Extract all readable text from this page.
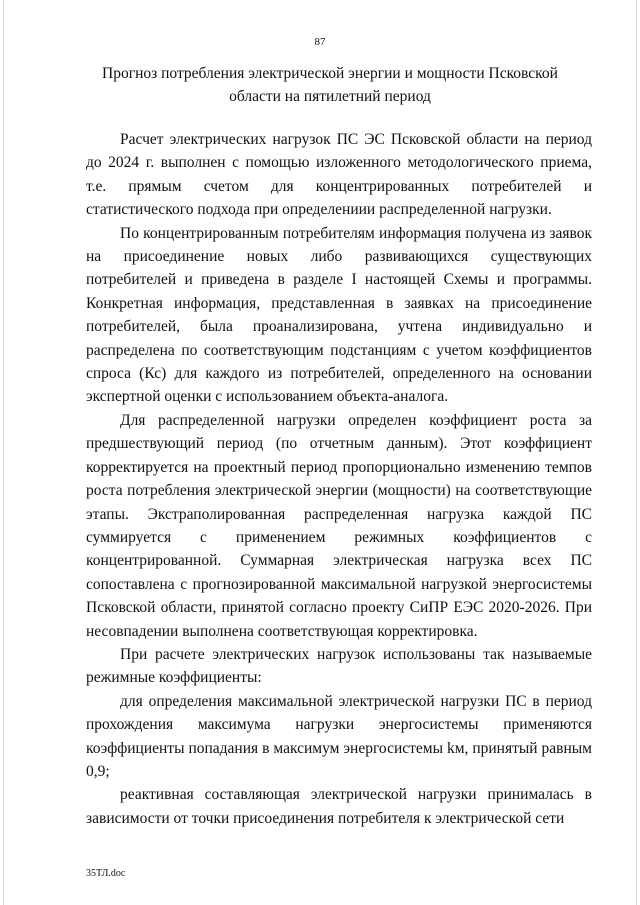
87
Прогноз потребления электрической энергии и мощности Псковской
области на пятилетний период

Расчет электрических нагрузок ПС ЭС Псковской области на период до 2024 г. выполнен с помощью изложенного методологического приема, т.е. прямым счетом для концентрированных потребителей и статистического подхода при определениии распределенной нагрузки.

По концентрированным потребителям информация получена из заявок на присоединение новых либо развивающихся существующих потребителей и приведена в разделе I настоящей Схемы и программы. Конкретная информация, представленная в заявках на присоединение потребителей, была проанализирована, учтена индивидуально и распределена по соответствующим подстанциям с учетом коэффициентов спроса (Кс) для каждого из потребителей, определенного на основании экспертной оценки с использованием объекта-аналога.

Для распределенной нагрузки определен коэффициент роста за предшествующий период (по отчетным данным). Этот коэффициент корректируется на проектный период пропорционально изменению темпов роста потребления электрической энергии (мощности) на соответствующие этапы. Экстраполированная распределенная нагрузка каждой ПС суммируется с применением режимных коэффициентов с концентрированной. Суммарная электрическая нагрузка всех ПС сопоставлена с прогнозированной максимальной нагрузкой энергосистемы Псковской области, принятой согласно проекту СиПР ЕЭС 2020-2026. При несовпадении выполнена соответствующая корректировка.

При расчете электрических нагрузок использованы так называемые режимные коэффициенты:

для определения максимальной электрической нагрузки ПС в период прохождения максимума нагрузки энергосистемы применяются коэффициенты попадания в максимум энергосистемы kм, принятый равным 0,9;

реактивная составляющая электрической нагрузки принималась в зависимости от точки присоединения потребителя к электрической сети

35ТЛ.doc
